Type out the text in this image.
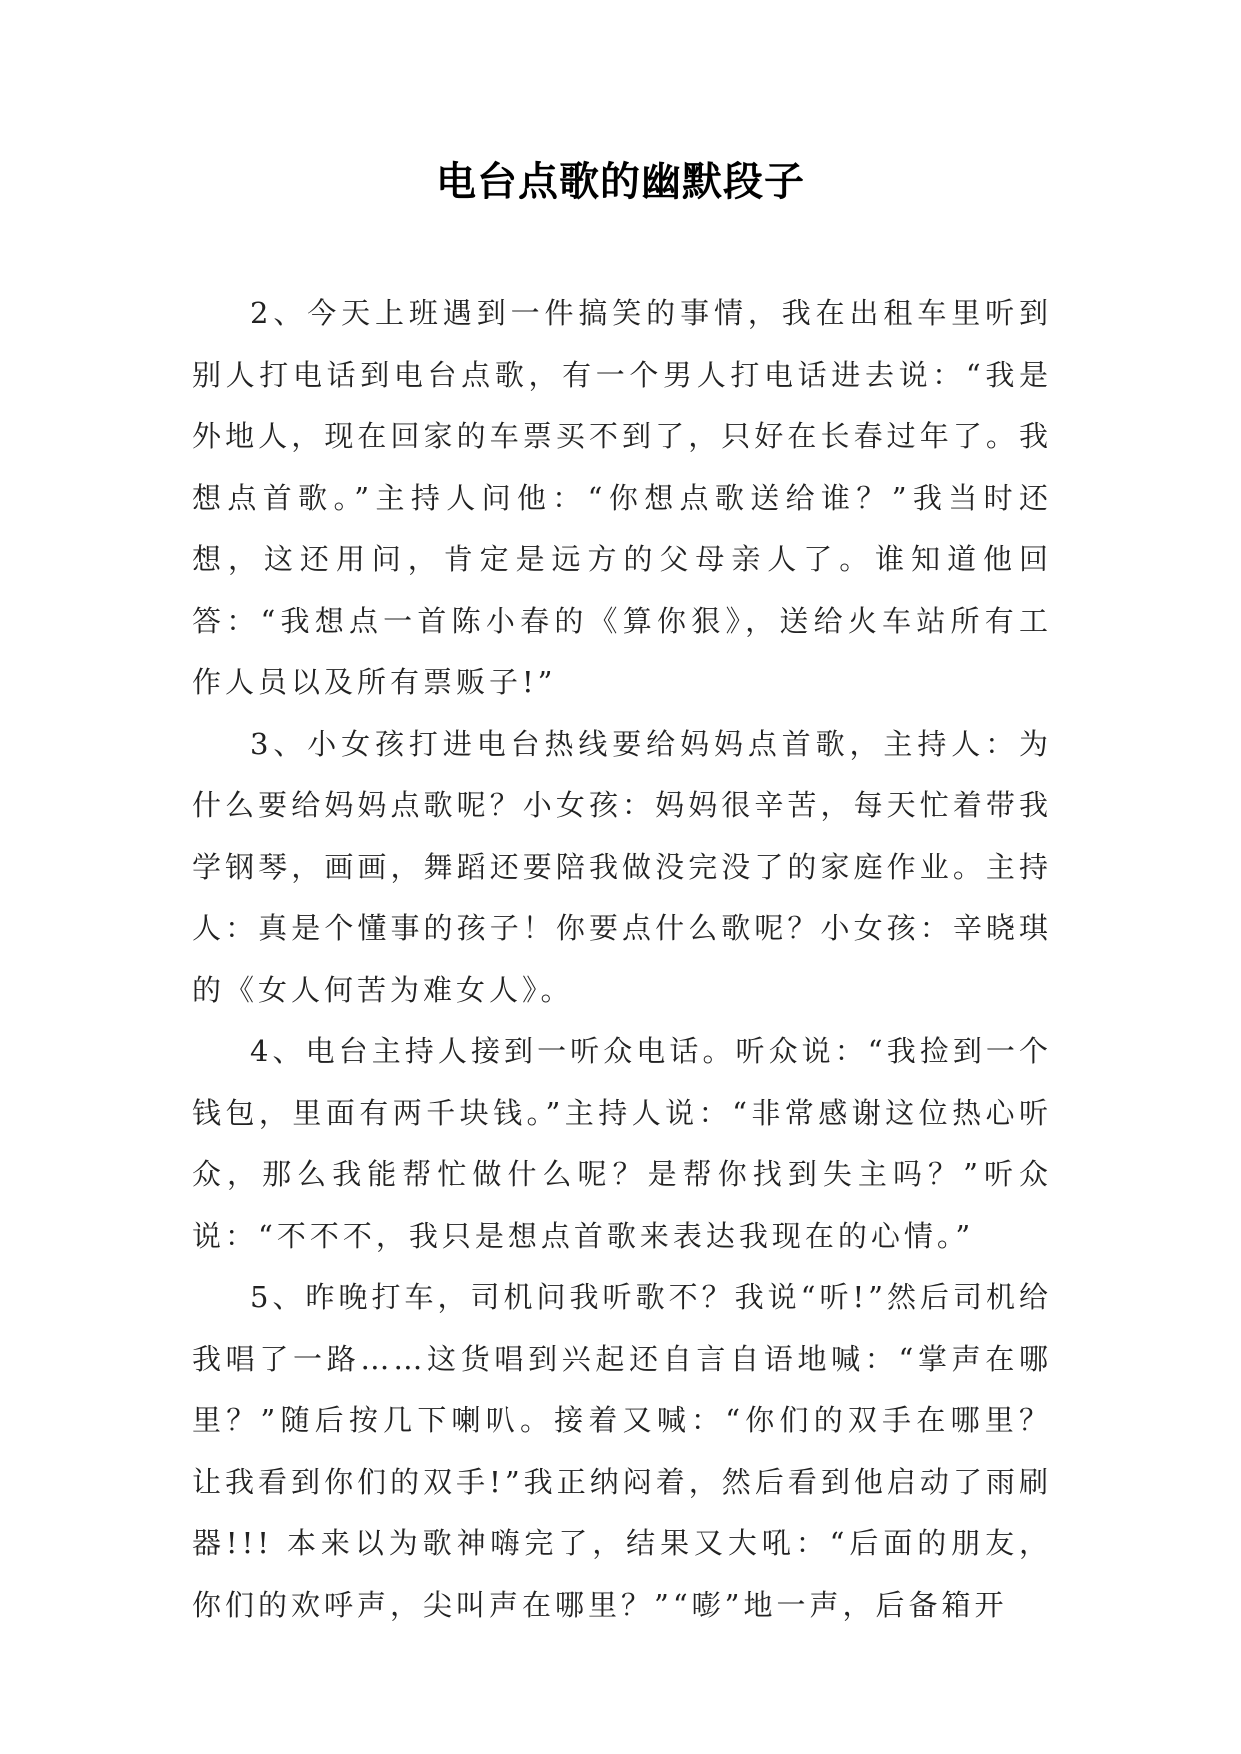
电台点歌的幽默段子

2、今天上班遇到一件搞笑的事情，我在出租车里听到别人打电话到电台点歌，有一个男人打电话进去说：“我是外地人，现在回家的车票买不到了，只好在长春过年了。我想点首歌。”主持人问他：“你想点歌送给谁？”我当时还想，这还用问，肯定是远方的父母亲人了。谁知道他回答：“我想点一首陈小春的《算你狠》，送给火车站所有工作人员以及所有票贩子!”

3、小女孩打进电台热线要给妈妈点首歌，主持人：为什么要给妈妈点歌呢？小女孩：妈妈很辛苦，每天忙着带我学钢琴，画画，舞蹈还要陪我做没完没了的家庭作业。主持人：真是个懂事的孩子！你要点什么歌呢？小女孩：辛晓琪的《女人何苦为难女人》。

4、电台主持人接到一听众电话。听众说：“我捡到一个钱包，里面有两千块钱。”主持人说：“非常感谢这位热心听众，那么我能帮忙做什么呢？是帮你找到失主吗？”听众说：“不不不，我只是想点首歌来表达我现在的心情。”

5、昨晚打车，司机问我听歌不？我说“听!”然后司机给我唱了一路……这货唱到兴起还自言自语地喊：“掌声在哪里？”随后按几下喇叭。接着又喊：“你们的双手在哪里？让我看到你们的双手!”我正纳闷着，然后看到他启动了雨刷器!!! 本来以为歌神嗨完了，结果又大吼：“后面的朋友，你们的欢呼声，尖叫声在哪里？”“嘭”地一声，后备箱开
